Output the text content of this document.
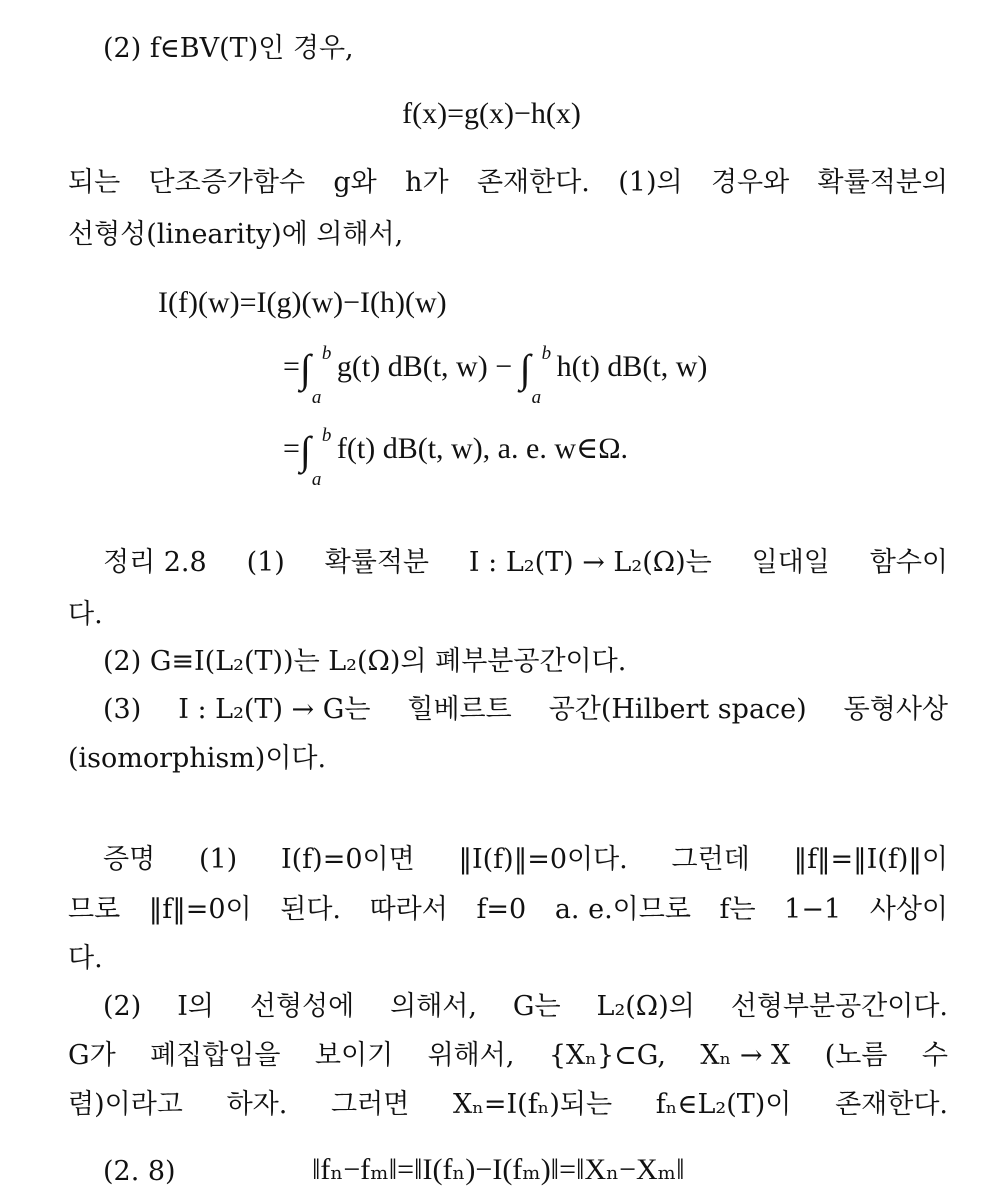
(2) f∈BV(T)인 경우,
f(x)=g(x)−h(x)
되는 단조증가함수 g와 h가 존재한다. (1)의 경우와 확률적분의
선형성(linearity)에 의해서,
I(f)(w)=I(g)(w)−I(h)(w)
=∫ b
a
g(t) dB(t, w) − ∫ b
a
h(t) dB(t, w)
=∫ b
a
f(t) dB(t, w), a. e. w∈Ω.
정리 2.8 (1) 확률적분 I : L₂(T) → L₂(Ω)는 일대일 함수이
다.
(2) G≡I(L₂(T))는 L₂(Ω)의 폐부분공간이다.
(3) I : L₂(T) → G는 힐베르트 공간(Hilbert space) 동형사상
(isomorphism)이다.
증명 (1) I(f)=0이면 ‖I(f)‖=0이다. 그런데 ‖f‖=‖I(f)‖이
므로 ‖f‖=0이 된다. 따라서 f=0 a. e.이므로 f는 1−1 사상이
다.
(2) I의 선형성에 의해서, G는 L₂(Ω)의 선형부분공간이다.
G가 폐집합임을 보이기 위해서, {Xₙ}⊂G, Xₙ → X (노름 수
렴)이라고 하자. 그러면 Xₙ=I(fₙ)되는 fₙ∈L₂(T)이 존재한다.
(2. 8)	‖fₙ−fₘ‖=‖I(fₙ)−I(fₘ)‖=‖Xₙ−Xₘ‖
